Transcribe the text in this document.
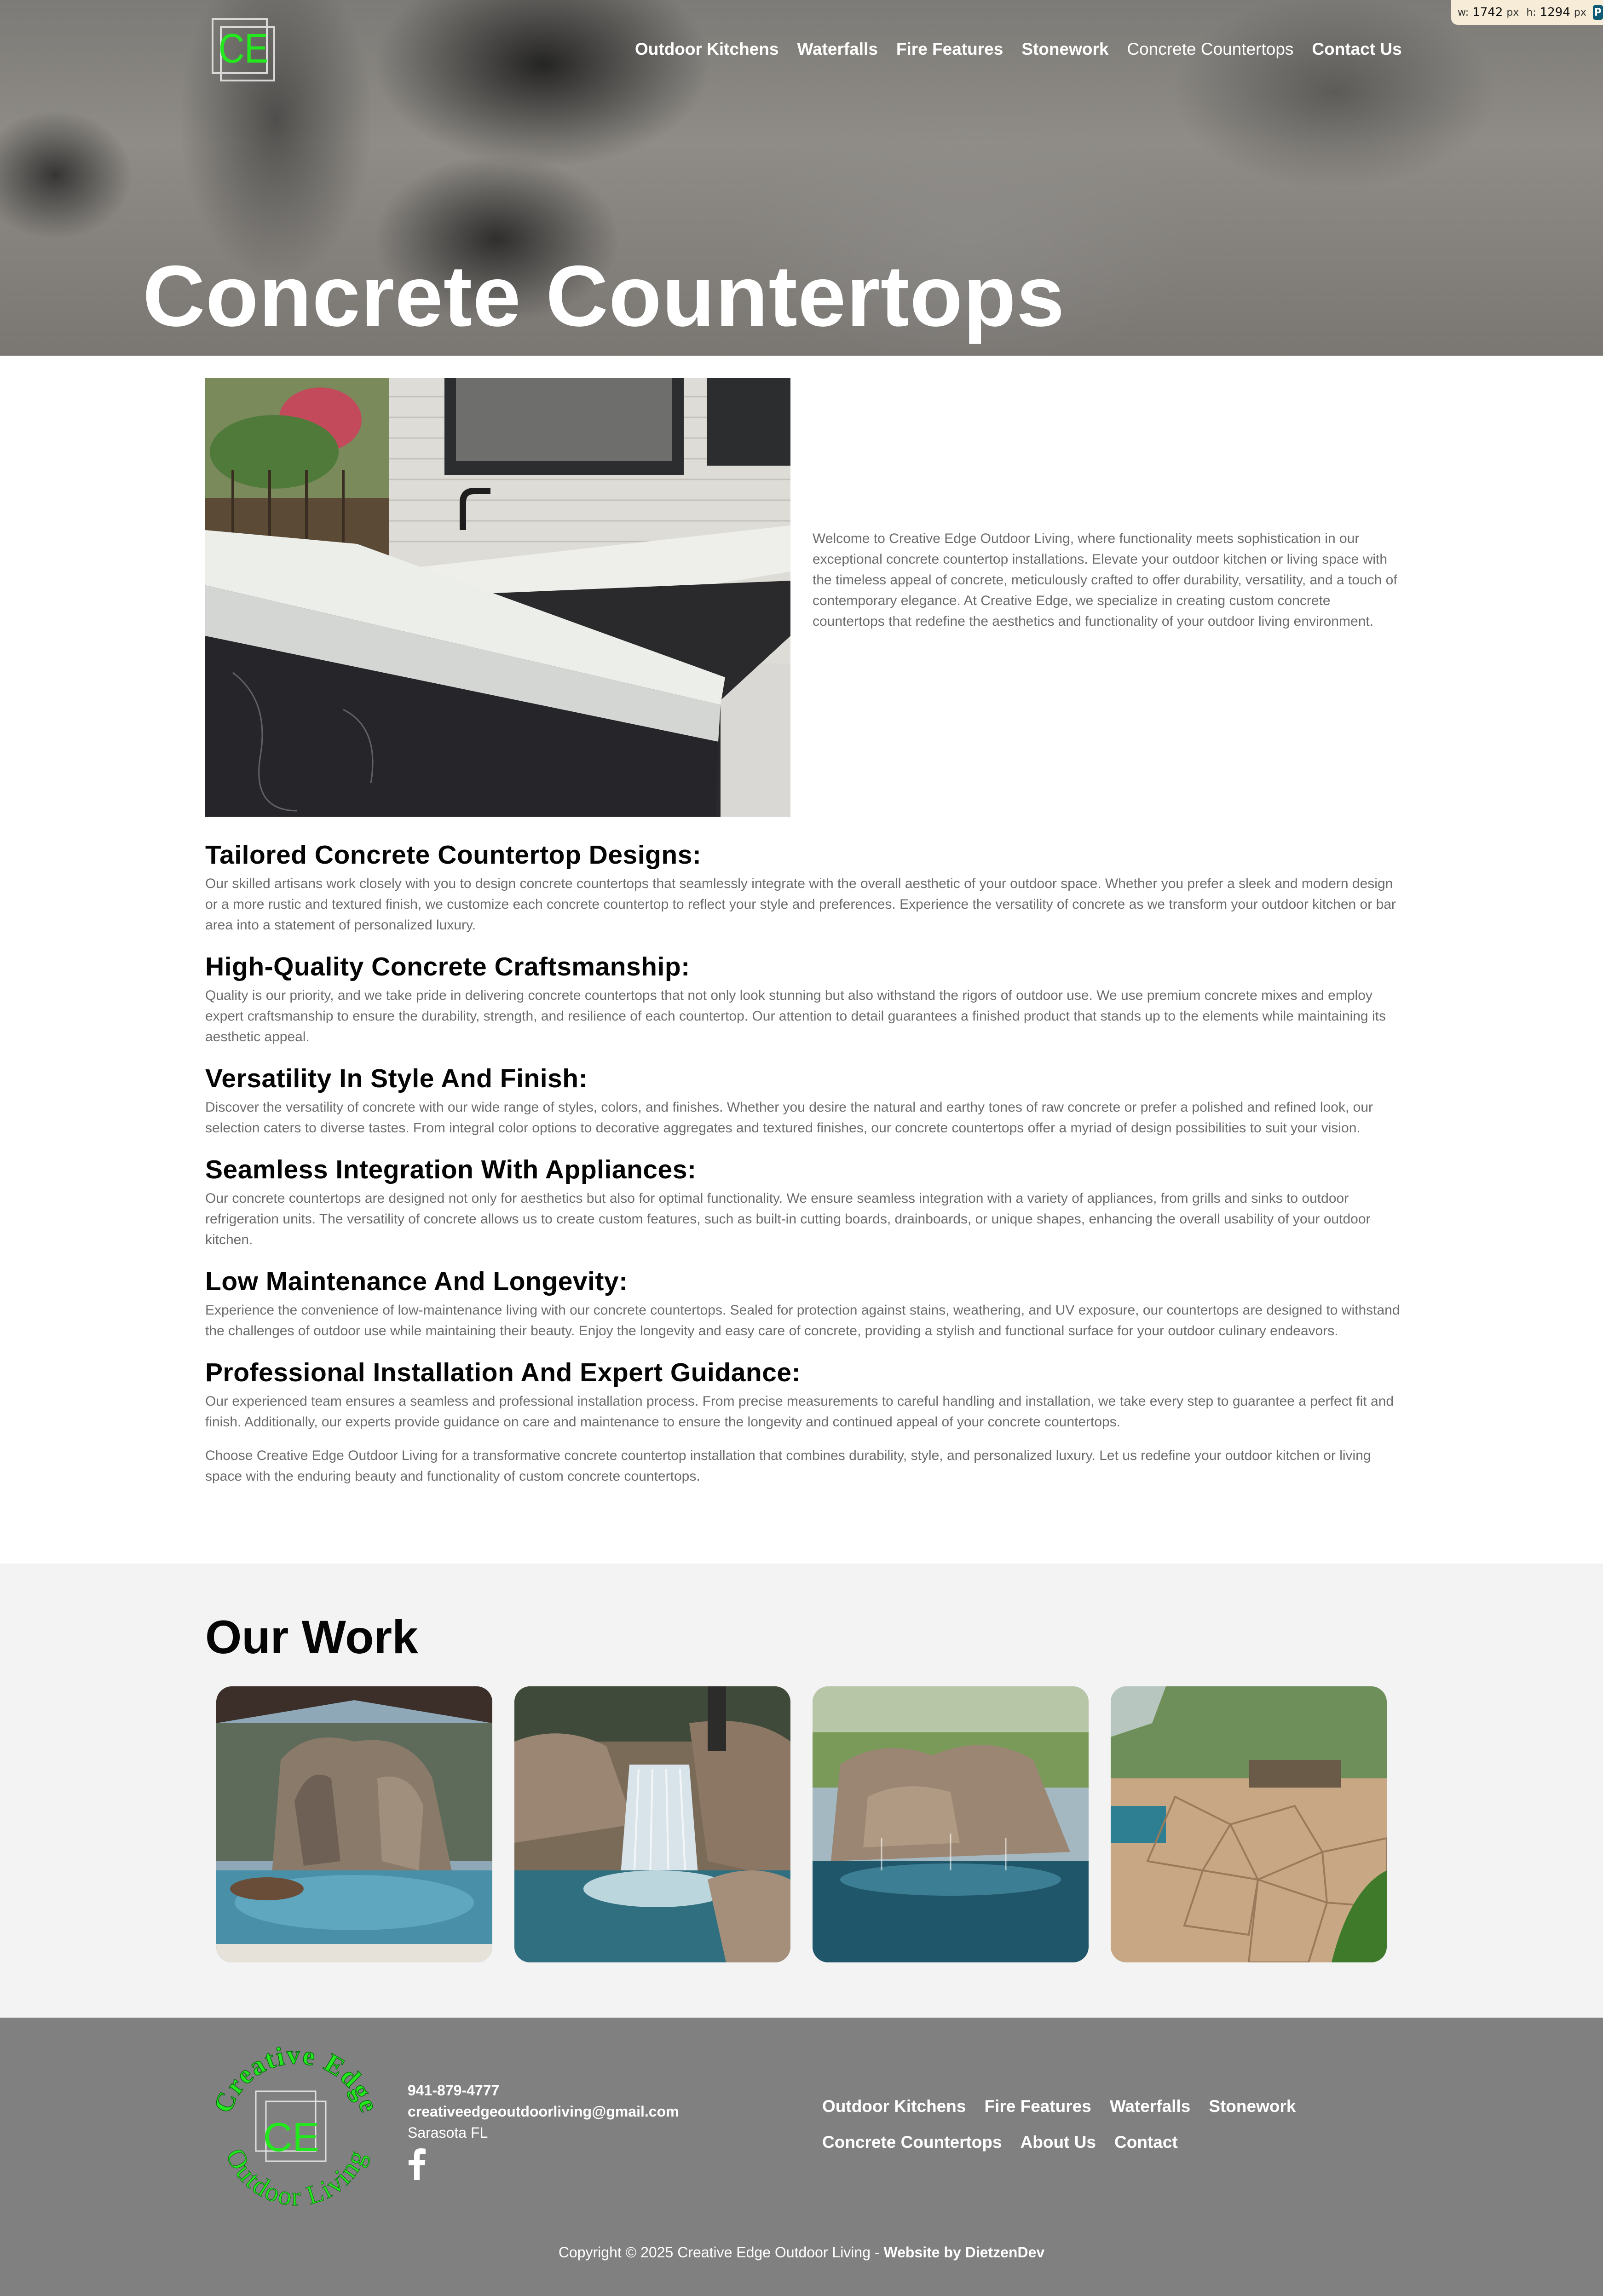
CE	Outdoor Kitchens Waterfalls Fire Features Stonework Concrete Countertops Contact Us
Concrete Countertops
w: 1742 px h: 1294 px P

Welcome to Creative Edge Outdoor Living, where functionality meets sophistication in our exceptional concrete countertop installations. Elevate your outdoor kitchen or living space with the timeless appeal of concrete, meticulously crafted to offer durability, versatility, and a touch of contemporary elegance. At Creative Edge, we specialize in creating custom concrete countertops that redefine the aesthetics and functionality of your outdoor living environment.

Tailored Concrete Countertop Designs:

Our skilled artisans work closely with you to design concrete countertops that seamlessly integrate with the overall aesthetic of your outdoor space. Whether you prefer a sleek and modern design or a more rustic and textured finish, we customize each concrete countertop to reflect your style and preferences. Experience the versatility of concrete as we transform your outdoor kitchen or bar area into a statement of personalized luxury.

High-Quality Concrete Craftsmanship:

Quality is our priority, and we take pride in delivering concrete countertops that not only look stunning but also withstand the rigors of outdoor use. We use premium concrete mixes and employ expert craftsmanship to ensure the durability, strength, and resilience of each countertop. Our attention to detail guarantees a finished product that stands up to the elements while maintaining its aesthetic appeal.

Versatility In Style And Finish:

Discover the versatility of concrete with our wide range of styles, colors, and finishes. Whether you desire the natural and earthy tones of raw concrete or prefer a polished and refined look, our selection caters to diverse tastes. From integral color options to decorative aggregates and textured finishes, our concrete countertops offer a myriad of design possibilities to suit your vision.

Seamless Integration With Appliances:

Our concrete countertops are designed not only for aesthetics but also for optimal functionality. We ensure seamless integration with a variety of appliances, from grills and sinks to outdoor refrigeration units. The versatility of concrete allows us to create custom features, such as built-in cutting boards, drainboards, or unique shapes, enhancing the overall usability of your outdoor kitchen.

Low Maintenance And Longevity:

Experience the convenience of low-maintenance living with our concrete countertops. Sealed for protection against stains, weathering, and UV exposure, our countertops are designed to withstand the challenges of outdoor use while maintaining their beauty. Enjoy the longevity and easy care of concrete, providing a stylish and functional surface for your outdoor culinary endeavors.

Professional Installation And Expert Guidance:

Our experienced team ensures a seamless and professional installation process. From precise measurements to careful handling and installation, we take every step to guarantee a perfect fit and finish. Additionally, our experts provide guidance on care and maintenance to ensure the longevity and continued appeal of your concrete countertops.

Choose Creative Edge Outdoor Living for a transformative concrete countertop installation that combines durability, style, and personalized luxury. Let us redefine your outdoor kitchen or living space with the enduring beauty and functionality of custom concrete countertops.

Our Work
Creative Edge
Outdoor Living
CE
941-879-4777
creativeedgeoutdoorliving@gmail.com
Sarasota FL
Outdoor Kitchens Fire Features Waterfalls Stonework
Concrete Countertops About Us Contact
Copyright © 2025 Creative Edge Outdoor Living - Website by DietzenDev
